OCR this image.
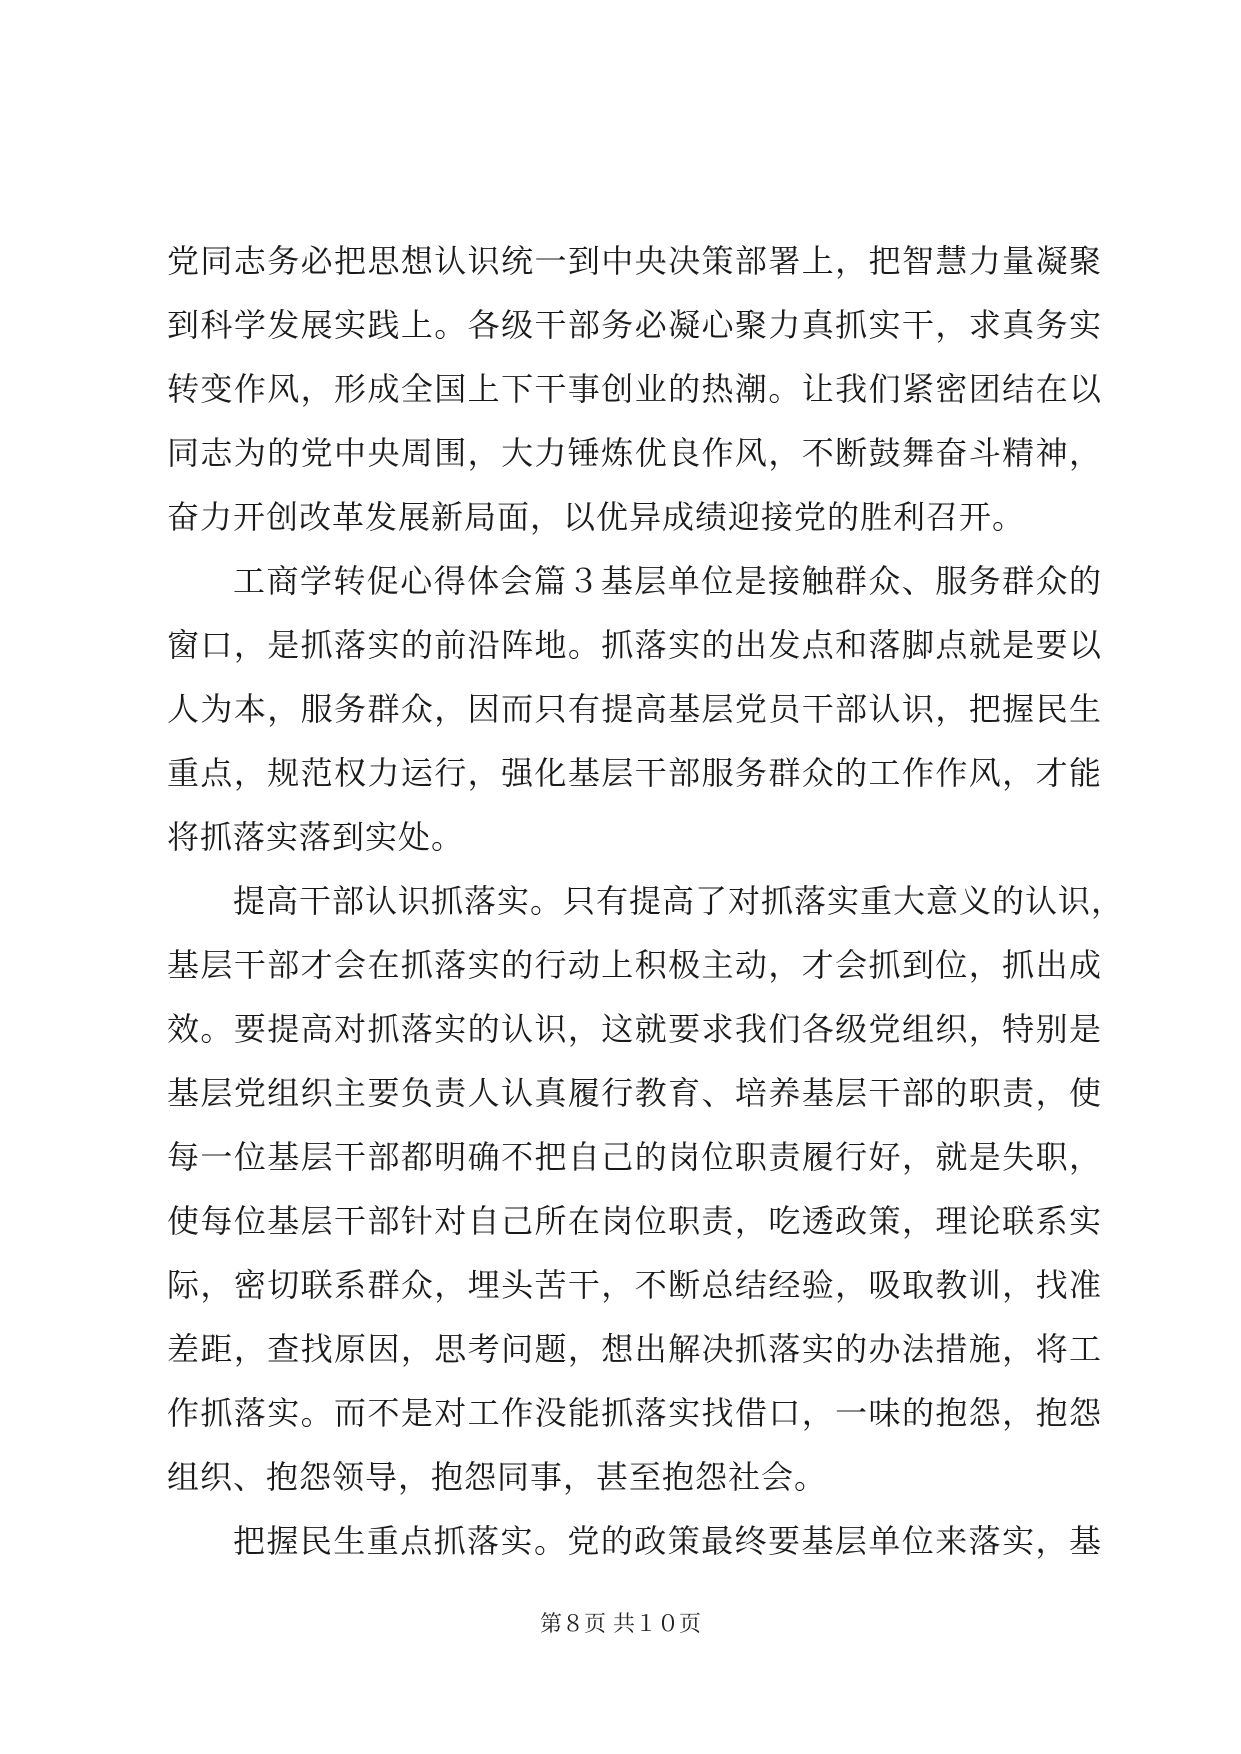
党同志务必把思想认识统一到中央决策部署上，把智慧力量凝聚
到科学发展实践上。各级干部务必凝心聚力真抓实干，求真务实
转变作风，形成全国上下干事创业的热潮。让我们紧密团结在以
同志为的党中央周围，大力锤炼优良作风，不断鼓舞奋斗精神，
奋力开创改革发展新局面，以优异成绩迎接党的胜利召开。
工商学转促心得体会篇３基层单位是接触群众、服务群众的
窗口，是抓落实的前沿阵地。抓落实的出发点和落脚点就是要以
人为本，服务群众，因而只有提高基层党员干部认识，把握民生
重点，规范权力运行，强化基层干部服务群众的工作作风，才能
将抓落实落到实处。
提高干部认识抓落实。只有提高了对抓落实重大意义的认识，
基层干部才会在抓落实的行动上积极主动，才会抓到位，抓出成
效。要提高对抓落实的认识，这就要求我们各级党组织，特别是
基层党组织主要负责人认真履行教育、培养基层干部的职责，使
每一位基层干部都明确不把自己的岗位职责履行好，就是失职，
使每位基层干部针对自己所在岗位职责，吃透政策，理论联系实
际，密切联系群众，埋头苦干，不断总结经验，吸取教训，找准
差距，查找原因，思考问题，想出解决抓落实的办法措施，将工
作抓落实。而不是对工作没能抓落实找借口，一味的抱怨，抱怨
组织、抱怨领导，抱怨同事，甚至抱怨社会。
把握民生重点抓落实。党的政策最终要基层单位来落实，基
第８页 共１０页
